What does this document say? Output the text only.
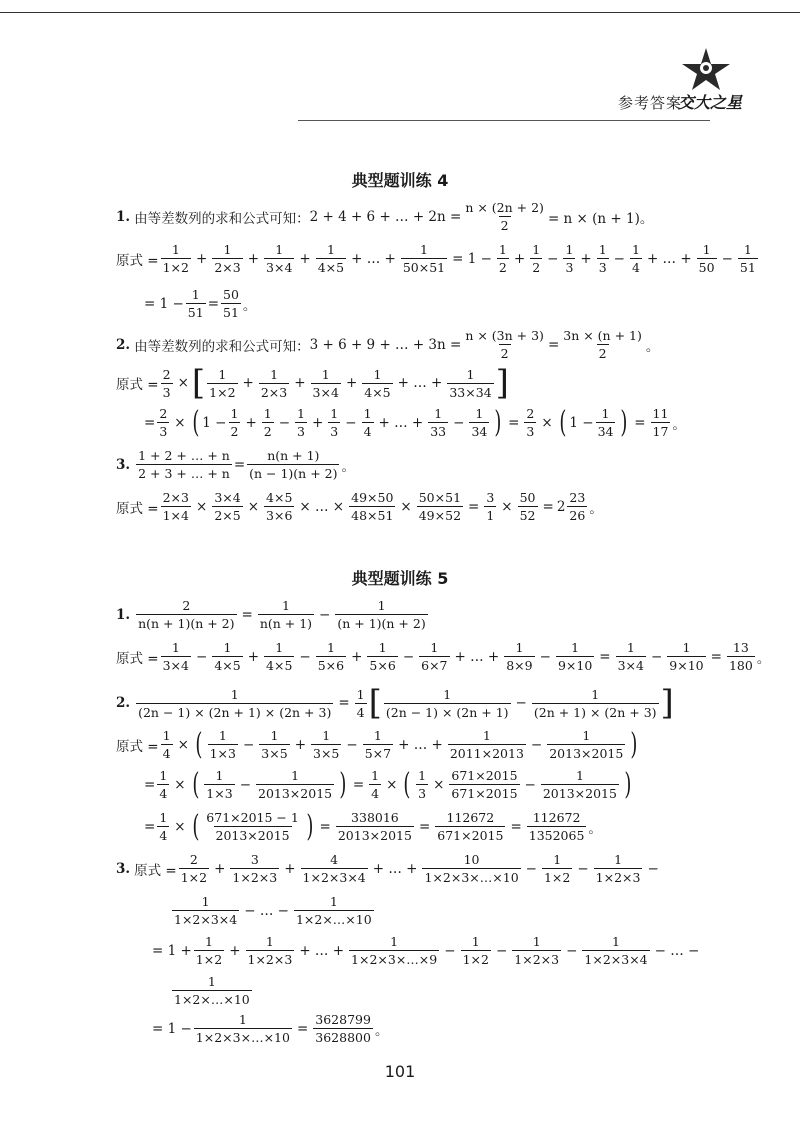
参考答案
交大之星
典型题训练 4
1. 由等差数列的求和公式可知： 2 + 4 + 6 + … + $2n = \frac{n \times (2n + 2)}{2} = n \times (n + 1)$。
原式 = $\frac{1}{1\times 2} + \frac{1}{2\times 3} + \frac{1}{3\times 4} + \frac{1}{4\times 5}$ + … + $\frac{1}{50\times 51} = 1 - \frac{1}{2} + \frac{1}{2} - \frac{1}{3} + \frac{1}{3} - \frac{1}{4}$ + … + $\frac{1}{50} - \frac{1}{51}$
= $1 - \frac{1}{51} = \frac{50}{51}$ 。
2. 由等差数列的求和公式可知： 3 + 6 + 9 + … + $3n = \frac{n \times (3n + 3)}{2} = \frac{3n \times (n + 1)}{2}$ 。
原式 = $\frac{2}{3}$ × [ $\frac{1}{1\times 2} + \frac{1}{2\times 3} + \frac{1}{3\times 4} + \frac{1}{4\times 5}$ + … + $\frac{1}{33\times 34}$ ]
= $\frac{2}{3}$ × ( $1 - \frac{1}{2} + \frac{1}{2} - \frac{1}{3} + \frac{1}{3} - \frac{1}{4}$ + … + $\frac{1}{33} - \frac{1}{34}$ ) = $\frac{2}{3}$ × ( $1 - \frac{1}{34}$ ) = $\frac{11}{17}$ 。
3. $\frac{1 + 2 + \dots + n}{2 + 3 + \dots + n} = \frac{n(n + 1)}{(n - 1)(n + 2)}$ 。
原式 = $\frac{2\times 3}{1\times 4} \times \frac{3\times 4}{2\times 5} \times \frac{4\times 5}{3\times 6}$ × … × $\frac{49\times 50}{48\times 51} \times \frac{50\times 51}{49\times 52} = \frac{3}{1} \times \frac{50}{52} = 2 \frac{23}{26}$ 。
典型题训练 5
1. $\frac{2}{n(n + 1)(n + 2)} = \frac{1}{n(n + 1)} - \frac{1}{(n + 1)(n + 2)}$
原式 = $\frac{1}{3\times 4} - \frac{1}{4\times 5} + \frac{1}{4\times 5} - \frac{1}{5\times 6} + \frac{1}{5\times 6} - \frac{1}{6\times 7}$ + … + $\frac{1}{8\times 9} - \frac{1}{9\times 10} = \frac{1}{3\times 4} - \frac{1}{9\times 10} = \frac{13}{180}$ 。
2. $\frac{1}{(2n - 1) \times (2n + 1) \times (2n + 3)} = \frac{1}{4}$ [ $\frac{1}{(2n - 1) \times (2n + 1)} - \frac{1}{(2n + 1) \times (2n + 3)}$ ]
原式 = $\frac{1}{4}$ × ( $\frac{1}{1\times 3} - \frac{1}{3\times 5} + \frac{1}{3\times 5} - \frac{1}{5\times 7}$ + … + $\frac{1}{2011\times 2013} - \frac{1}{2013\times 2015}$ )
= $\frac{1}{4}$ × ( $\frac{1}{1\times 3} - \frac{1}{2013\times 2015}$ ) = $\frac{1}{4}$ × ( $\frac{1}{3} \times \frac{671\times 2015}{671\times 2015} - \frac{1}{2013\times 2015}$ )
= $\frac{1}{4}$ × ( $\frac{671\times 2015 - 1}{2013\times 2015}$ ) = $\frac{338016}{2013\times 2015} = \frac{112672}{671\times 2015} = \frac{112672}{1352065}$ 。
3. 原式 = $\frac{2}{1\times 2} + \frac{3}{1\times 2\times 3} + \frac{4}{1\times 2\times 3\times 4}$ + … + $\frac{10}{1\times 2\times 3\times\dots\times 10} - \frac{1}{1\times 2} - \frac{1}{1\times 2\times 3}$ −
$\frac{1}{1\times 2\times 3\times 4}$ − … − $\frac{1}{1\times 2\times\dots\times 10}$
= $1 + \frac{1}{1\times 2} + \frac{1}{1\times 2\times 3}$ + … + $\frac{1}{1\times 2\times 3\times\dots\times 9} - \frac{1}{1\times 2} - \frac{1}{1\times 2\times 3} - \frac{1}{1\times 2\times 3\times 4}$ − … −
$\frac{1}{1\times 2\times\dots\times 10}$
= $1 - \frac{1}{1\times 2\times 3\times\dots\times 10} = \frac{3628799}{3628800}$ 。
101
